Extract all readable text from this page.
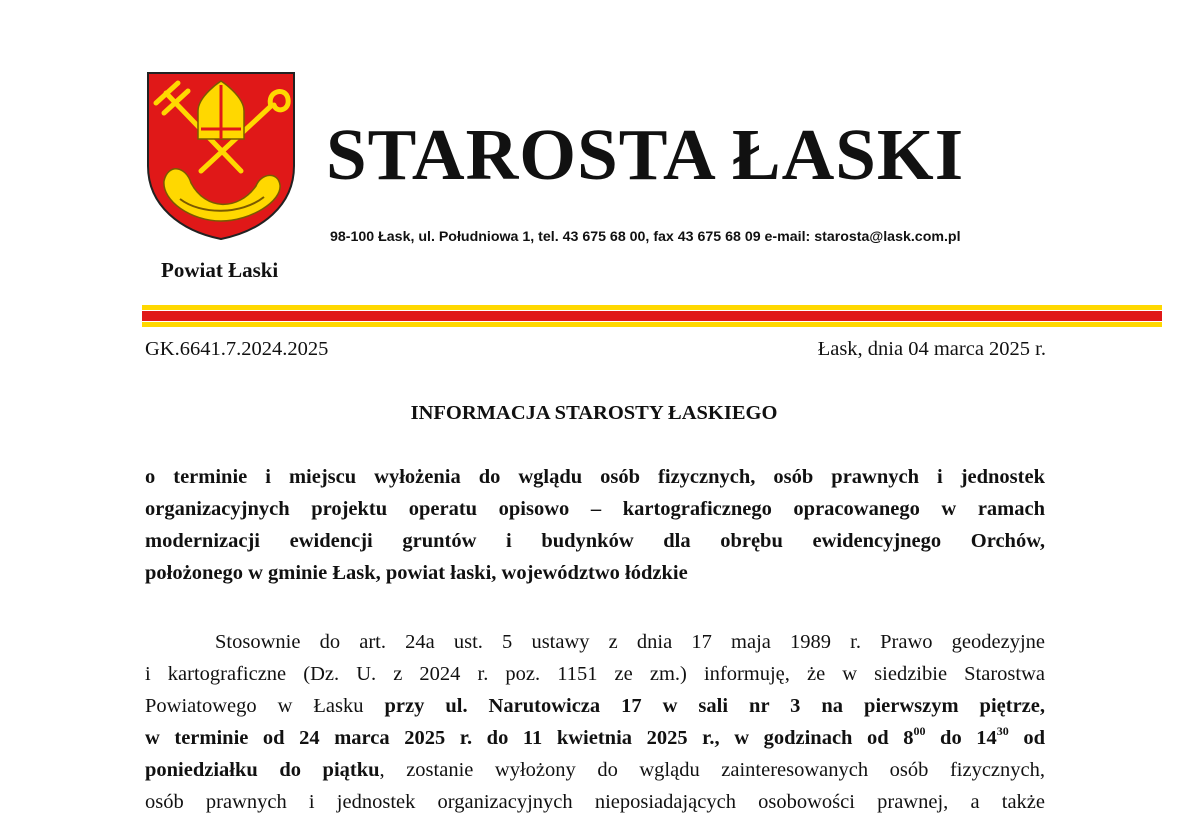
Powiat Łaski
STAROSTA ŁASKI
98-100 Łask, ul. Południowa 1, tel. 43 675 68 00, fax 43 675 68 09 e-mail: starosta@lask.com.pl
GK.6641.7.2024.2025	Łask, dnia 04 marca 2025 r.
INFORMACJA STAROSTY ŁASKIEGO
o terminie i miejscu wyłożenia do wglądu osób fizycznych, osób prawnych i jednostek
organizacyjnych projektu operatu opisowo – kartograficznego opracowanego w ramach
modernizacji ewidencji gruntów i budynków dla obrębu ewidencyjnego Orchów,
położonego w gminie Łask, powiat łaski, województwo łódzkie
Stosownie do art. 24a ust. 5 ustawy z dnia 17 maja 1989 r. Prawo geodezyjne
i kartograficzne (Dz. U. z 2024 r. poz. 1151 ze zm.) informuję, że w siedzibie Starostwa
Powiatowego w Łasku przy ul. Narutowicza 17 w sali nr 3 na pierwszym piętrze,
w terminie od 24 marca 2025 r. do 11 kwietnia 2025 r., w godzinach od $8^{00}$ do $14^{30}$ od
poniedziałku do piątku, zostanie wyłożony do wglądu zainteresowanych osób fizycznych,
osób prawnych i jednostek organizacyjnych nieposiadających osobowości prawnej, a także
